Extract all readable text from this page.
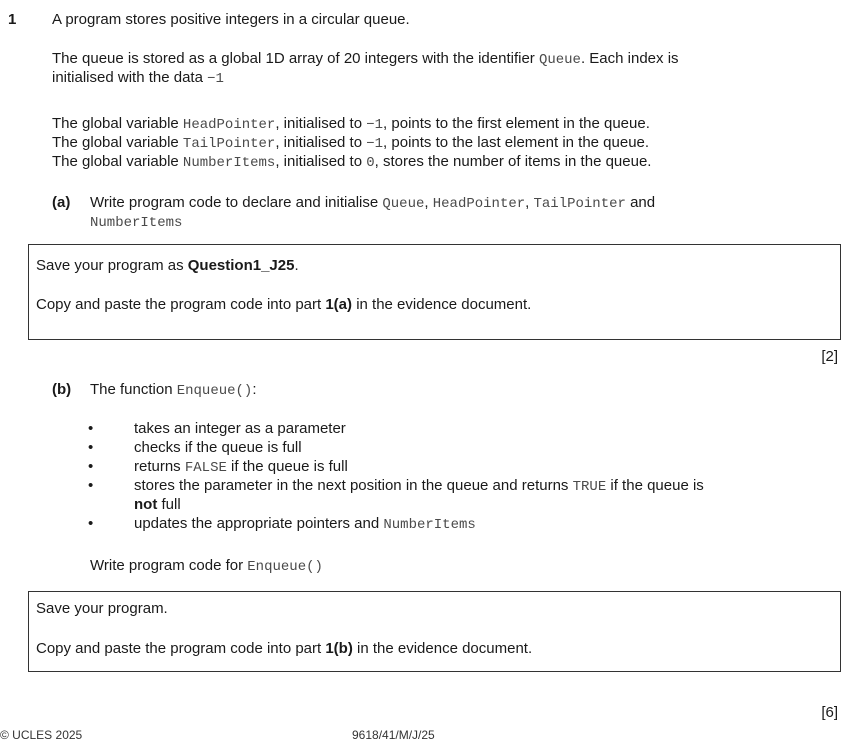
1 A program stores positive integers in a circular queue.
The queue is stored as a global 1D array of 20 integers with the identifier Queue. Each index is
initialised with the data −1
The global variable HeadPointer, initialised to −1, points to the first element in the queue.
The global variable TailPointer, initialised to −1, points to the last element in the queue.
The global variable NumberItems, initialised to 0, stores the number of items in the queue.
(a) Write program code to declare and initialise Queue, HeadPointer, TailPointer and
NumberItems

Save your program as Question1_J25.

Copy and paste the program code into part 1(a) in the evidence document.

[2]
(b) The function Enqueue():
•	takes an integer as a parameter
•	checks if the queue is full
•	returns FALSE if the queue is full
•	stores the parameter in the next position in the queue and returns TRUE if the queue is
not full
•	updates the appropriate pointers and NumberItems
Write program code for Enqueue()

Save your program.

Copy and paste the program code into part 1(b) in the evidence document.

[6]
© UCLES 2025	9618/41/M/J/25
